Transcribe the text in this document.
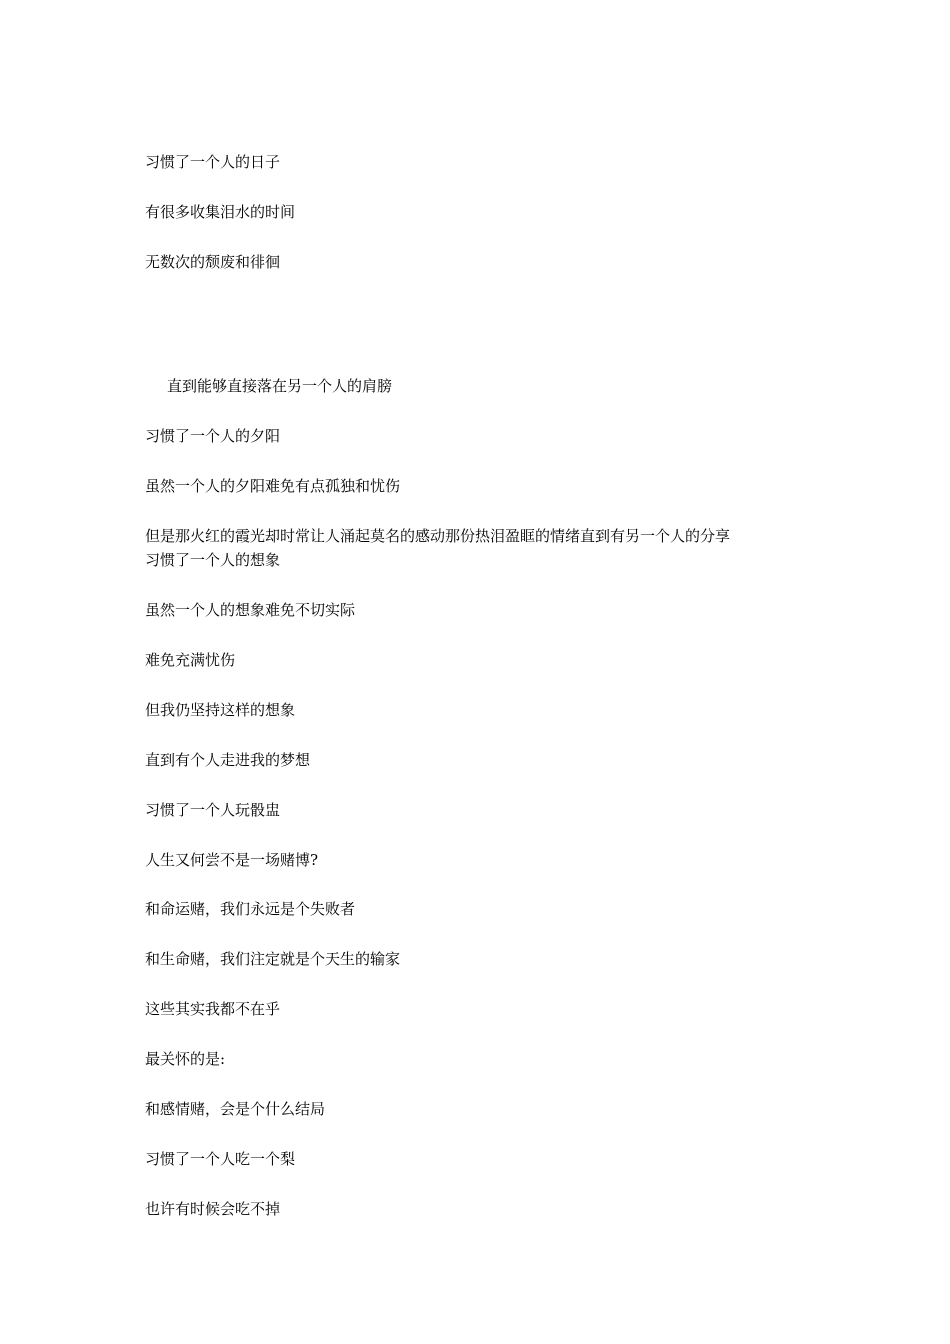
习惯了一个人的日子

有很多收集泪水的时间

无数次的颓废和徘徊

直到能够直接落在另一个人的肩膀

习惯了一个人的夕阳

虽然一个人的夕阳难免有点孤独和忧伤

但是那火红的霞光却时常让人涌起莫名的感动那份热泪盈眶的情绪直到有另一个人的分享

习惯了一个人的想象

虽然一个人的想象难免不切实际

难免充满忧伤

但我仍坚持这样的想象

直到有个人走进我的梦想

习惯了一个人玩骰盅

人生又何尝不是一场赌博?

和命运赌，我们永远是个失败者

和生命赌，我们注定就是个天生的输家

这些其实我都不在乎

最关怀的是:

和感情赌，会是个什么结局

习惯了一个人吃一个梨

也许有时候会吃不掉
